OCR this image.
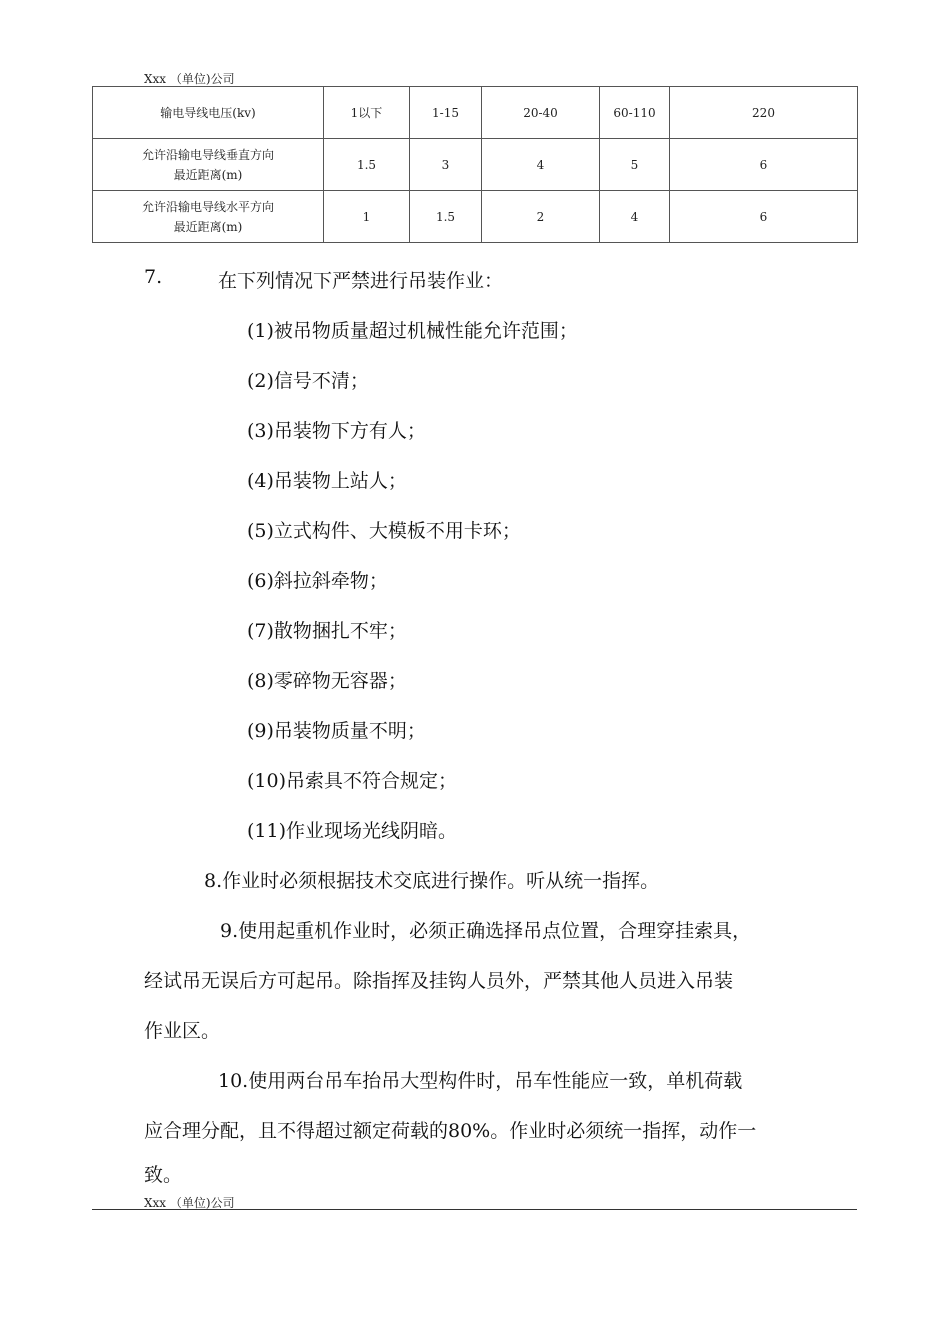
Xxx （单位)公司
输电导线电压(kv)	1以下	1-15	20-40	60-110	220
允许沿输电导线垂直方向最近距离(m)	1.5	3	4	5	6
允许沿输电导线水平方向最近距离(m)	1	1.5	2	4	6
7.	在下列情况下严禁进行吊装作业：
(1)被吊物质量超过机械性能允许范围；
(2)信号不清；
(3)吊装物下方有人；
(4)吊装物上站人；
(5)立式构件、大模板不用卡环；
(6)斜拉斜牵物；
(7)散物捆扎不牢；
(8)零碎物无容器；
(9)吊装物质量不明；
(10)吊索具不符合规定；
(11)作业现场光线阴暗。
8.作业时必须根据技术交底进行操作。听从统一指挥。
9.使用起重机作业时，必须正确选择吊点位置，合理穿挂索具，
经试吊无误后方可起吊。除指挥及挂钩人员外，严禁其他人员进入吊装
作业区。
10.使用两台吊车抬吊大型构件时，吊车性能应一致，单机荷载
应合理分配，且不得超过额定荷载的80%。作业时必须统一指挥，动作一
致。
Xxx （单位)公司
